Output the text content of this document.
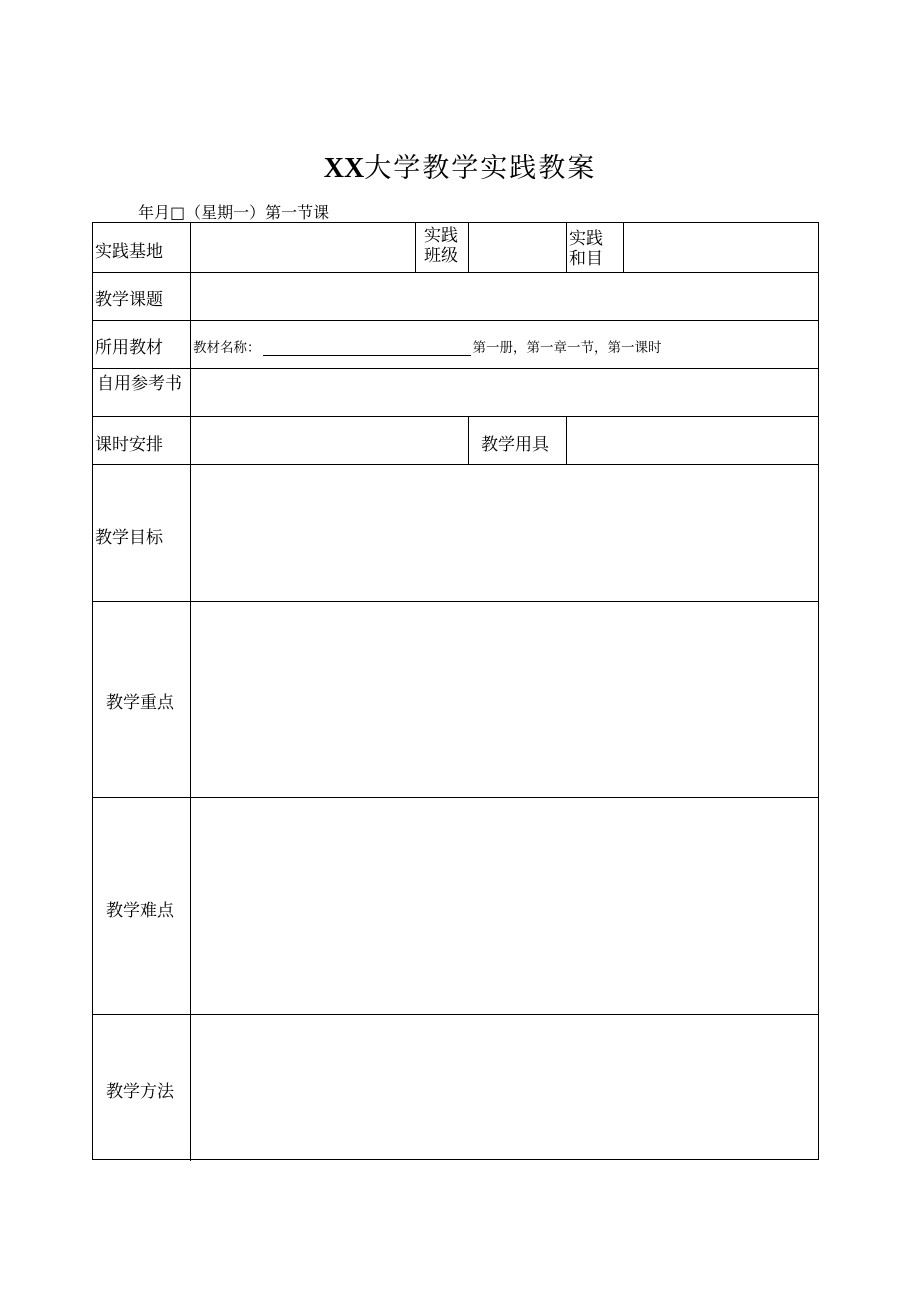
XX大学教学实践教案
年月□（星期一）第一节课
实践基地
实践
班级
实践
和目
教学课题
所用教材 教材名称：	第一册，第一章一节，第一课时
自用参考书
课时安排	教学用具
教学目标
教学重点
教学难点
教学方法
